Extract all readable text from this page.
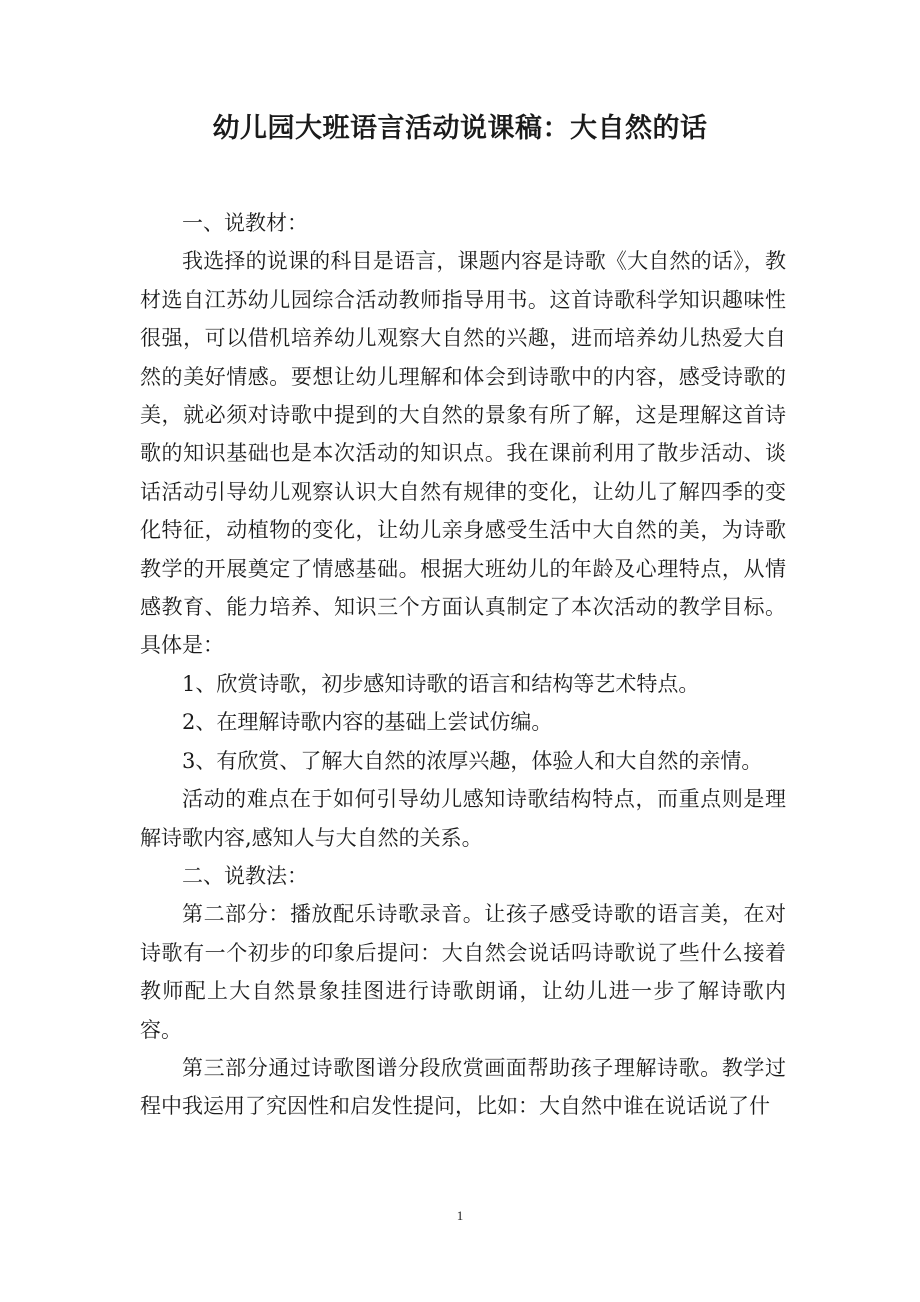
幼儿园大班语言活动说课稿：大自然的话

一、说教材：

我选择的说课的科目是语言，课题内容是诗歌《大自然的话》，教材选自江苏幼儿园综合活动教师指导用书。这首诗歌科学知识趣味性很强，可以借机培养幼儿观察大自然的兴趣，进而培养幼儿热爱大自然的美好情感。要想让幼儿理解和体会到诗歌中的内容，感受诗歌的美，就必须对诗歌中提到的大自然的景象有所了解，这是理解这首诗歌的知识基础也是本次活动的知识点。我在课前利用了散步活动、谈话活动引导幼儿观察认识大自然有规律的变化，让幼儿了解四季的变化特征，动植物的变化，让幼儿亲身感受生活中大自然的美，为诗歌教学的开展奠定了情感基础。根据大班幼儿的年龄及心理特点，从情感教育、能力培养、知识三个方面认真制定了本次活动的教学目标。具体是：

1、欣赏诗歌，初步感知诗歌的语言和结构等艺术特点。

2、在理解诗歌内容的基础上尝试仿编。

3、有欣赏、了解大自然的浓厚兴趣，体验人和大自然的亲情。

活动的难点在于如何引导幼儿感知诗歌结构特点，而重点则是理解诗歌内容,感知人与大自然的关系。

二、说教法：

第二部分：播放配乐诗歌录音。让孩子感受诗歌的语言美，在对诗歌有一个初步的印象后提问：大自然会说话吗诗歌说了些什么接着教师配上大自然景象挂图进行诗歌朗诵，让幼儿进一步了解诗歌内容。

第三部分通过诗歌图谱分段欣赏画面帮助孩子理解诗歌。教学过程中我运用了究因性和启发性提问，比如：大自然中谁在说话说了什

1
